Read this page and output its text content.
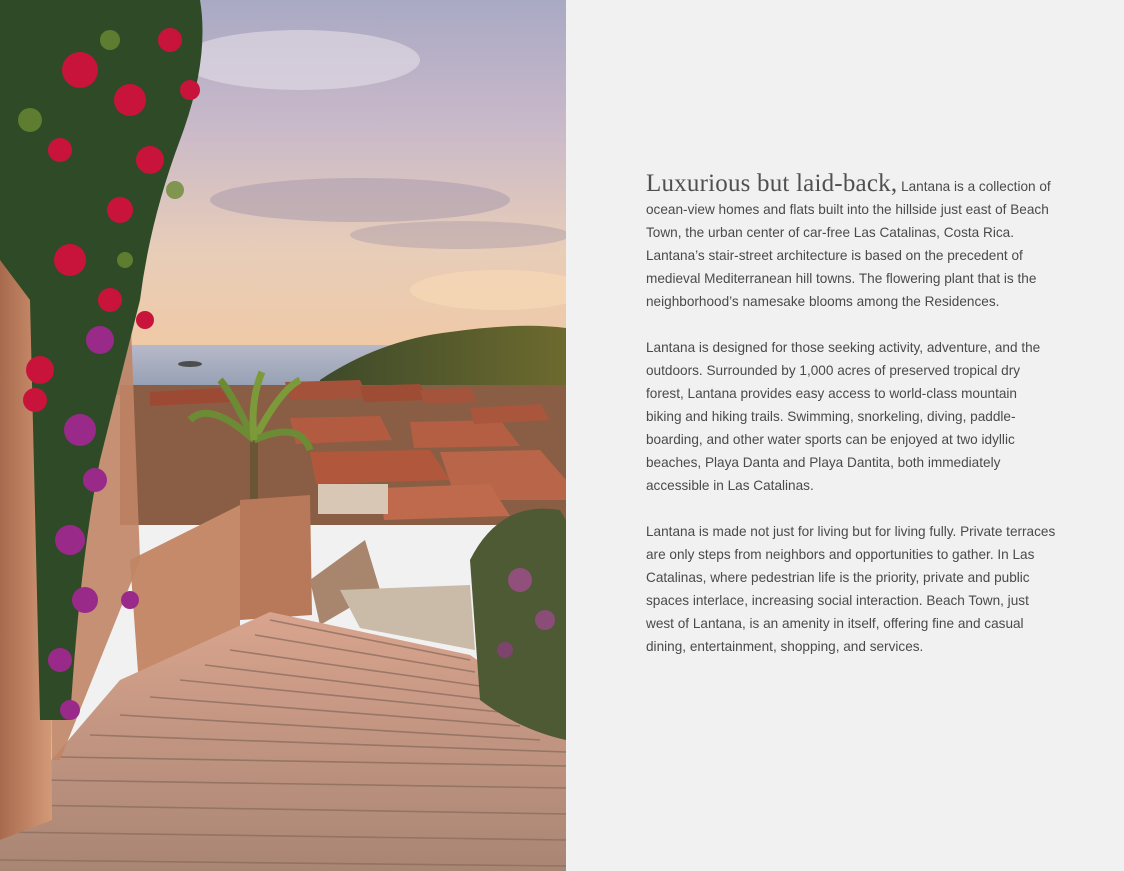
Luxurious but laid-back, Lantana is a collection of ocean-view homes and flats built into the hillside just east of Beach Town, the urban center of car-free Las Catalinas, Costa Rica. Lantana’s stair-street architecture is based on the precedent of medieval Mediterranean hill towns. The flowering plant that is the neighborhood’s namesake blooms among the Residences.

Lantana is designed for those seeking activity, adventure, and the outdoors. Surrounded by 1,000 acres of preserved tropical dry forest, Lantana provides easy access to world-class mountain biking and hiking trails. Swimming, snorkeling, diving, paddle-boarding, and other water sports can be enjoyed at two idyllic beaches, Playa Danta and Playa Dantita, both immediately accessible in Las Catalinas.

Lantana is made not just for living but for living fully. Private terraces are only steps from neighbors and opportunities to gather. In Las Catalinas, where pedestrian life is the priority, private and public spaces interlace, increasing social interaction. Beach Town, just west of Lantana, is an amenity in itself, offering fine and casual dining, entertainment, shopping, and services.
